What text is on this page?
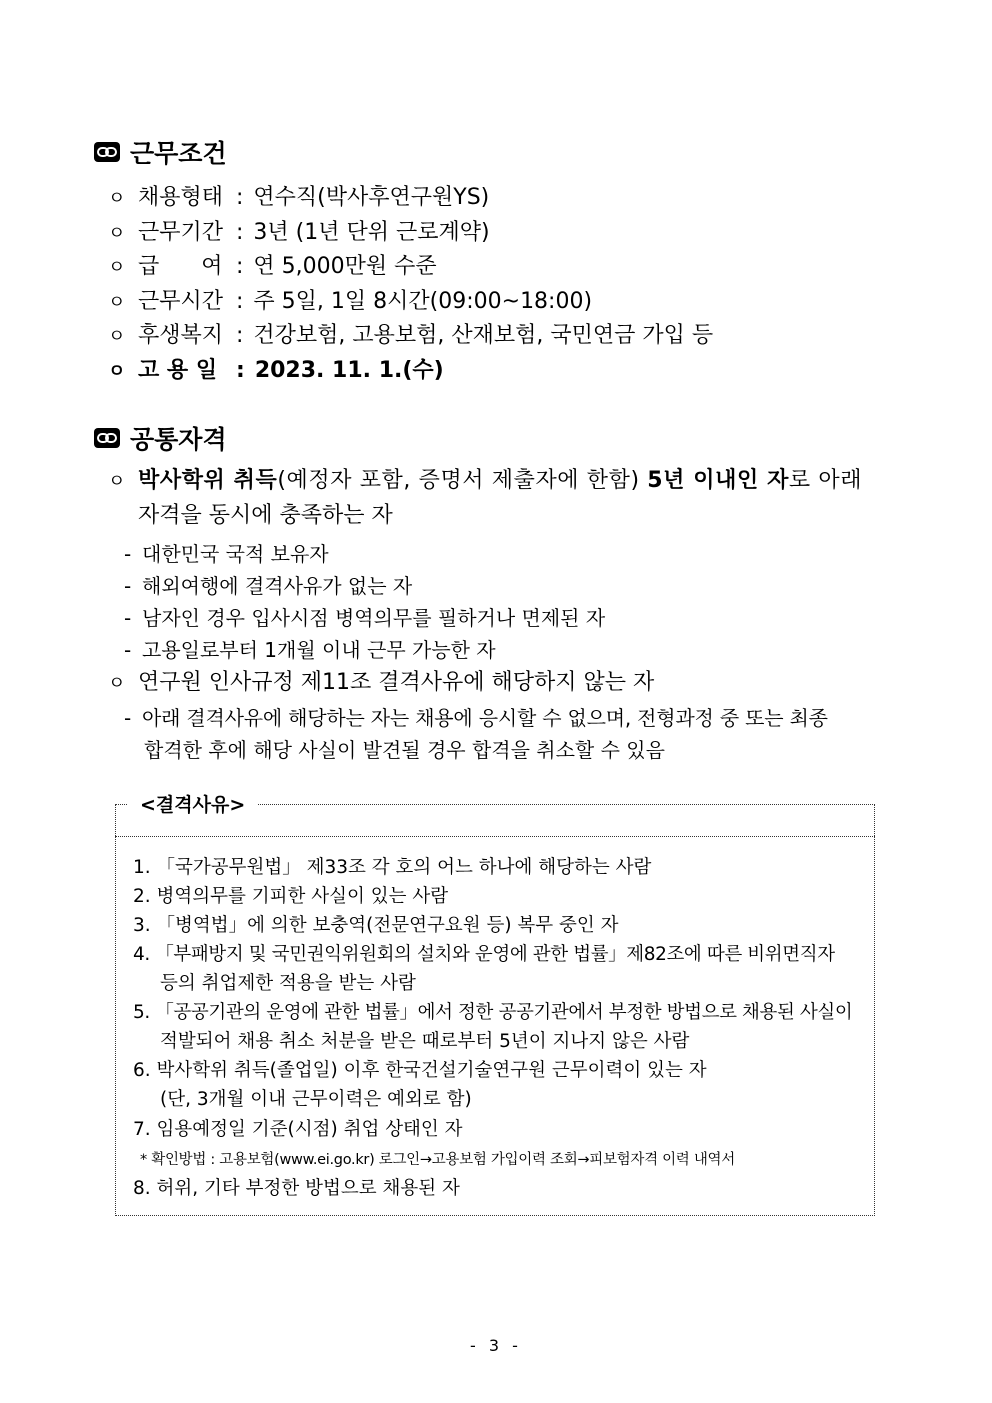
근무조건
ㅇ 채용형태 : 연수직(박사후연구원YS)
ㅇ 근무기간 : 3년 (1년 단위 근로계약)
ㅇ 급      여 : 연 5,000만원 수준
ㅇ 근무시간 : 주 5일, 1일 8시간(09:00~18:00)
ㅇ 후생복지 : 건강보험, 고용보험, 산재보험, 국민연금 가입 등
ㅇ 고 용 일 : 2023. 11. 1.(수)
공통자격
ㅇ 박사학위 취득(예정자 포함, 증명서 제출자에 한함) 5년 이내인 자로 아래
자격을 동시에 충족하는 자
- 대한민국 국적 보유자
- 해외여행에 결격사유가 없는 자
- 남자인 경우 입사시점 병역의무를 필하거나 면제된 자
- 고용일로부터 1개월 이내 근무 가능한 자
ㅇ 연구원 인사규정 제11조 결격사유에 해당하지 않는 자
- 아래 결격사유에 해당하는 자는 채용에 응시할 수 없으며, 전형과정 중 또는 최종
합격한 후에 해당 사실이 발견될 경우 합격을 취소할 수 있음
<결격사유>
1. 「국가공무원법」 제33조 각 호의 어느 하나에 해당하는 사람
2. 병역의무를 기피한 사실이 있는 사람
3. 「병역법」에 의한 보충역(전문연구요원 등) 복무 중인 자
4. 「부패방지 및 국민권익위원회의 설치와 운영에 관한 법률」제82조에 따른 비위면직자
등의 취업제한 적용을 받는 사람
5. 「공공기관의 운영에 관한 법률」에서 정한 공공기관에서 부정한 방법으로 채용된 사실이
적발되어 채용 취소 처분을 받은 때로부터 5년이 지나지 않은 사람
6. 박사학위 취득(졸업일) 이후 한국건설기술연구원 근무이력이 있는 자
(단, 3개월 이내 근무이력은 예외로 함)
7. 임용예정일 기준(시점) 취업 상태인 자
* 확인방법 : 고용보험(www.ei.go.kr) 로그인→고용보험 가입이력 조회→피보험자격 이력 내역서
8. 허위, 기타 부정한 방법으로 채용된 자
- 3 -
